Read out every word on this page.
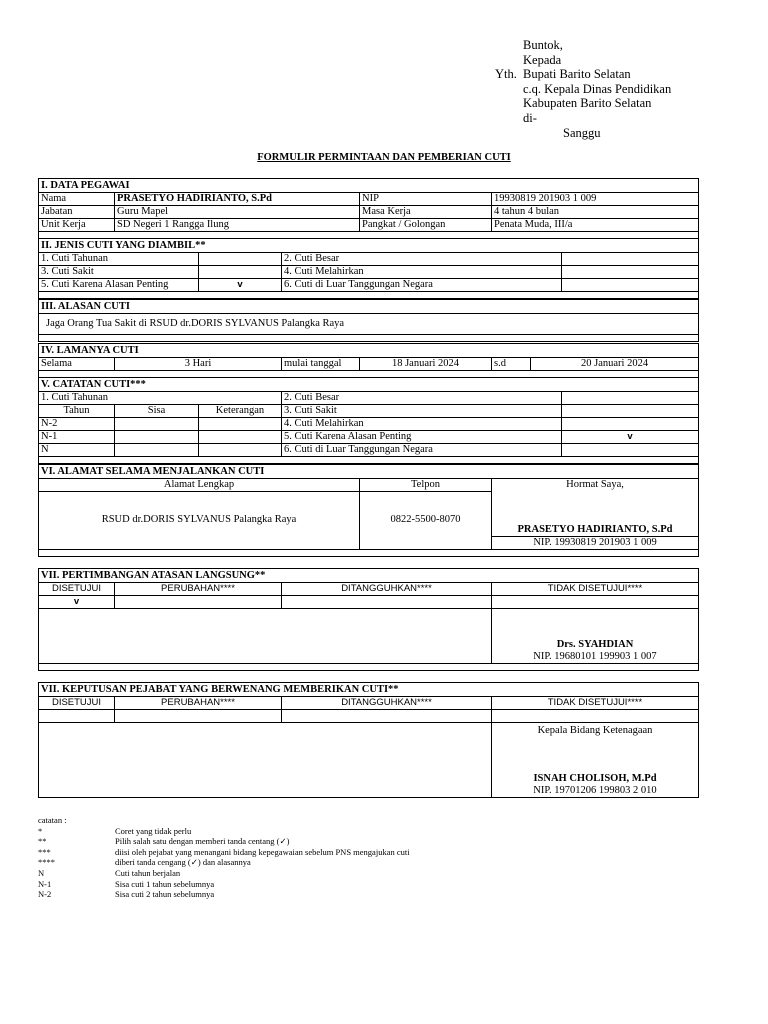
Buntok,
Kepada
Bupati Barito Selatan
c.q. Kepala Dinas Pendidikan
Kabupaten Barito Selatan
di-
Sanggu
Yth.
FORMULIR PERMINTAAN DAN PEMBERIAN CUTI
I. DATA PEGAWAI			
Nama	PRASETYO HADIRIANTO, S.Pd	NIP	19930819 201903 1 009
Jabatan	Guru Mapel	Masa Kerja	4 tahun 4 bulan
Unit Kerja	SD Negeri 1 Rangga Ilung	Pangkat / Golongan	Penata Muda, III/a

II. JENIS CUTI YANG DIAMBIL**			
1. Cuti Tahunan		2. Cuti Besar	
3. Cuti Sakit		4. Cuti Melahirkan	
5. Cuti Karena Alasan Penting	v	6. Cuti di Luar Tanggungan Negara	

III. ALASAN CUTI
Jaga Orang Tua Sakit di RSUD dr.DORIS SYLVANUS Palangka Raya

IV. LAMANYA CUTI
Selama	3 Hari	mulai tanggal	18 Januari 2024	s.d	20 Januari 2024

V. CATATAN CUTI***				
1. Cuti Tahunan			2. Cuti Besar	
Tahun	Sisa	Keterangan	3. Cuti Sakit	
N-2			4. Cuti Melahirkan	
N-1			5. Cuti Karena Alasan Penting	v
N			6. Cuti di Luar Tanggungan Negara	

VI. ALAMAT SELAMA MENJALANKAN CUTI		
Alamat Lengkap	Telpon	Hormat Saya,
RSUD dr.DORIS SYLVANUS Palangka Raya	0822-5500-8070	PRASETYO HADIRIANTO, S.Pd
		NIP. 19930819 201903 1 009

VII. PERTIMBANGAN ATASAN LANGSUNG**			
DISETUJUI	PERUBAHAN****	DITANGGUHKAN****	TIDAK DISETUJUI****
v			
			Drs. SYAHDIAN
			NIP. 19680101 199903 1 007

VII. KEPUTUSAN PEJABAT YANG BERWENANG MEMBERIKAN CUTI**			
DISETUJUI	PERUBAHAN****	DITANGGUHKAN****	TIDAK DISETUJUI****

			Kepala Bidang Ketenagaan

			ISNAH CHOLISOH, M.Pd
			NIP. 19701206 199803 2 010
catatan :
*	Coret yang tidak perlu
**	Pilih salah satu dengan memberi tanda centang (✓)
***	diisi oleh pejabat yang menangani bidang kepegawaian sebelum PNS mengajukan cuti
****	diberi tanda cengang (✓) dan alasannya
N	Cuti tahun berjalan
N-1	Sisa cuti 1 tahun sebelumnya
N-2	Sisa cuti 2 tahun sebelumnya
